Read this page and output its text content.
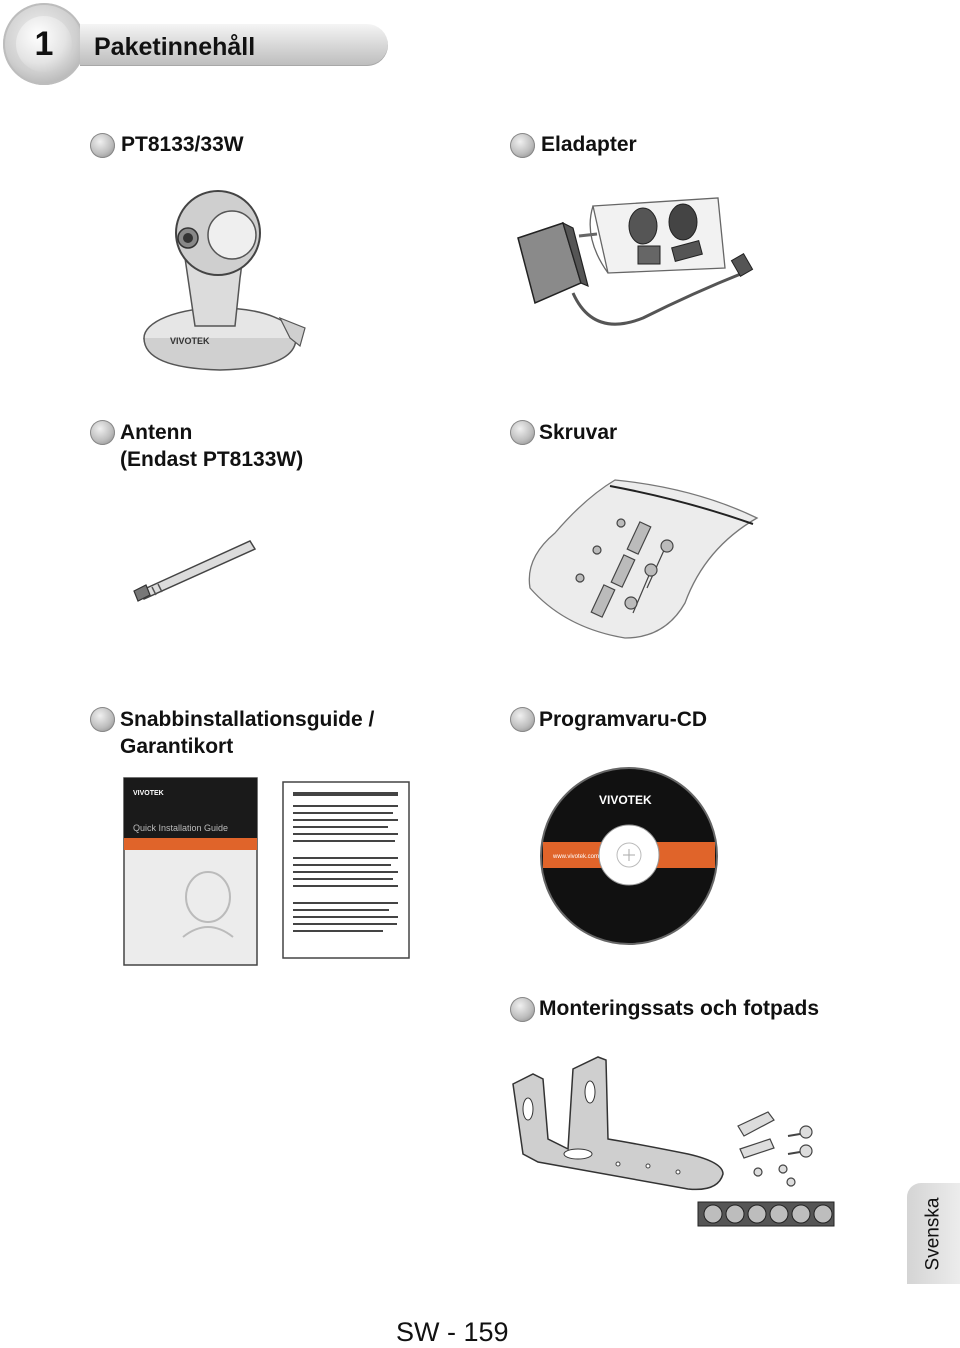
1	Paketinnehåll
PT8133/33W
VIVOTEK
Eladapter
Antenn
(Endast PT8133W)
Skruvar
Snabbinstallationsguide /
Garantikort
VIVOTEK
Quick Installation Guide
Programvaru-CD
VIVOTEK
www.vivotek.com
Monteringssats och fotpads
Svenska
SW - 159
